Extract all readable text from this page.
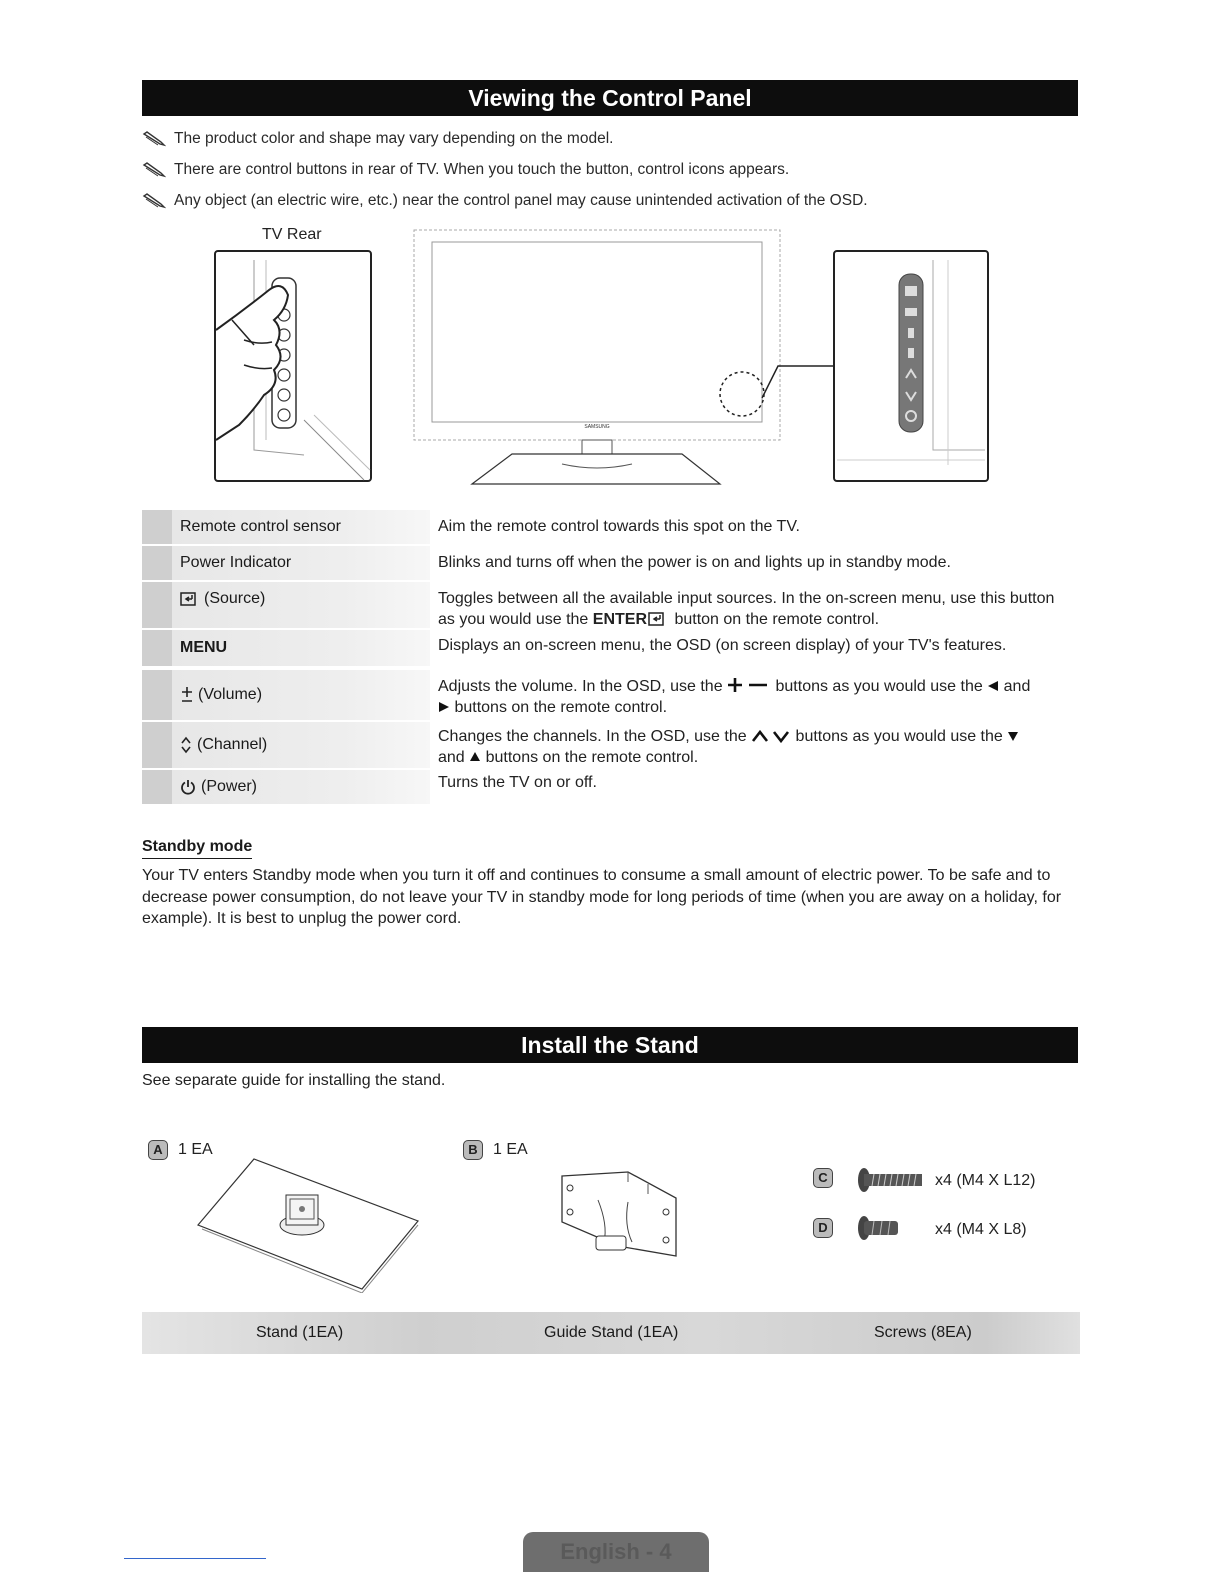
Viewing the Control Panel
The product color and shape may vary depending on the model.
There are control buttons in rear of TV. When you touch the button, control icons appears.
Any object (an electric wire, etc.) near the control panel may cause unintended activation of the OSD.
TV Rear
SAMSUNG
Remote control sensor	Aim the remote control towards this spot on the TV.
Power Indicator	Blinks and turns off when the power is on and lights up in standby mode.
(Source)	Toggles between all the available input sources. In the on-screen menu, use this button as you would use the ENTER button on the remote control.
MENU	Displays an on-screen menu, the OSD (on screen display) of your TV's features.
(Volume)	Adjusts the volume. In the OSD, use the	buttons as you would use the and
buttons on the remote control.
(Channel)	Changes the channels. In the OSD, use the	buttons as you would use the
and buttons on the remote control.
(Power)	Turns the TV on or off.
Standby mode
Your TV enters Standby mode when you turn it off and continues to consume a small amount of electric power. To be safe and to decrease power consumption, do not leave your TV in standby mode for long periods of time (when you are away on a holiday, for example). It is best to unplug the power cord.
Install the Stand
See separate guide for installing the stand.
A 1 EA	B 1 EA
C	x4 (M4 X L12)
D	x4 (M4 X L8)
Stand (1EA)	Guide Stand (1EA)	Screws (8EA)
English - 4
